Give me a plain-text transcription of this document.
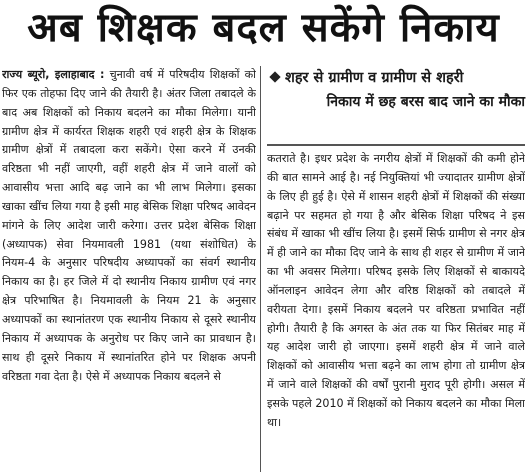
अब शिक्षक बदल सकेंगे निकाय
शहर से ग्रामीण व ग्रामीण से शहरी
निकाय में छह बरस बाद जाने का मौका

राज्य ब्यूरो, इलाहाबाद : चुनावी वर्ष में परिषदीय शिक्षकों को फिर एक तोहफा दिए जाने की तैयारी है। अंतर जिला तबादले के बाद अब शिक्षकों को निकाय बदलने का मौका मिलेगा। यानी ग्रामीण क्षेत्र में कार्यरत शिक्षक शहरी एवं शहरी क्षेत्र के शिक्षक ग्रामीण क्षेत्रों में तबादला करा सकेंगे। ऐसा करने में उनकी वरिष्ठता भी नहीं जाएगी, वहीं शहरी क्षेत्र में जाने वालों को आवासीय भत्ता आदि बढ़ जाने का भी लाभ मिलेगा। इसका खाका खींच लिया गया है इसी माह बेसिक शिक्षा परिषद आवेदन मांगने के लिए आदेश जारी करेगा। उत्तर प्रदेश बेसिक शिक्षा (अध्यापक) सेवा नियमावली 1981 (यथा संशोधित) के नियम-4 के अनुसार परिषदीय अध्यापकों का संवर्ग स्थानीय निकाय का है। हर जिले में दो स्थानीय निकाय ग्रामीण एवं नगर क्षेत्र परिभाषित है। नियमावली के नियम 21 के अनुसार अध्यापकों का स्थानांतरण एक स्थानीय निकाय से दूसरे स्थानीय निकाय में अध्यापक के अनुरोध पर किए जाने का प्रावधान है। साथ ही दूसरे निकाय में स्थानांतरित होने पर शिक्षक अपनी वरिष्ठता गवा देता है। ऐसे में अध्यापक निकाय बदलने से

कतराते है। इधर प्रदेश के नगरीय क्षेत्रों में शिक्षकों की कमी होने की बात सामने आई है। नई नियुक्तियां भी ज्यादातर ग्रामीण क्षेत्रों के लिए ही हुई है। ऐसे में शासन शहरी क्षेत्रों में शिक्षकों की संख्या बढ़ाने पर सहमत हो गया है और बेसिक शिक्षा परिषद ने इस संबंध में खाका भी खींच लिया है। इसमें सिर्फ ग्रामीण से नगर क्षेत्र में ही जाने का मौका दिए जाने के साथ ही शहर से ग्रामीण में जाने का भी अवसर मिलेगा। परिषद इसके लिए शिक्षकों से बाकायदे ऑनलाइन आवेदन लेगा और वरिष्ठ शिक्षकों को तबादले में वरीयता देगा। इसमें निकाय बदलने पर वरिष्ठता प्रभावित नहीं होगी। तैयारी है कि अगस्त के अंत तक या फिर सितंबर माह में यह आदेश जारी हो जाएगा। इसमें शहरी क्षेत्र में जाने वाले शिक्षकों को आवासीय भत्ता बढ़ने का लाभ होगा तो ग्रामीण क्षेत्र में जाने वाले शिक्षकों की वर्षों पुरानी मुराद पूरी होगी। असल में इसके पहले 2010 में शिक्षकों को निकाय बदलने का मौका मिला था।
